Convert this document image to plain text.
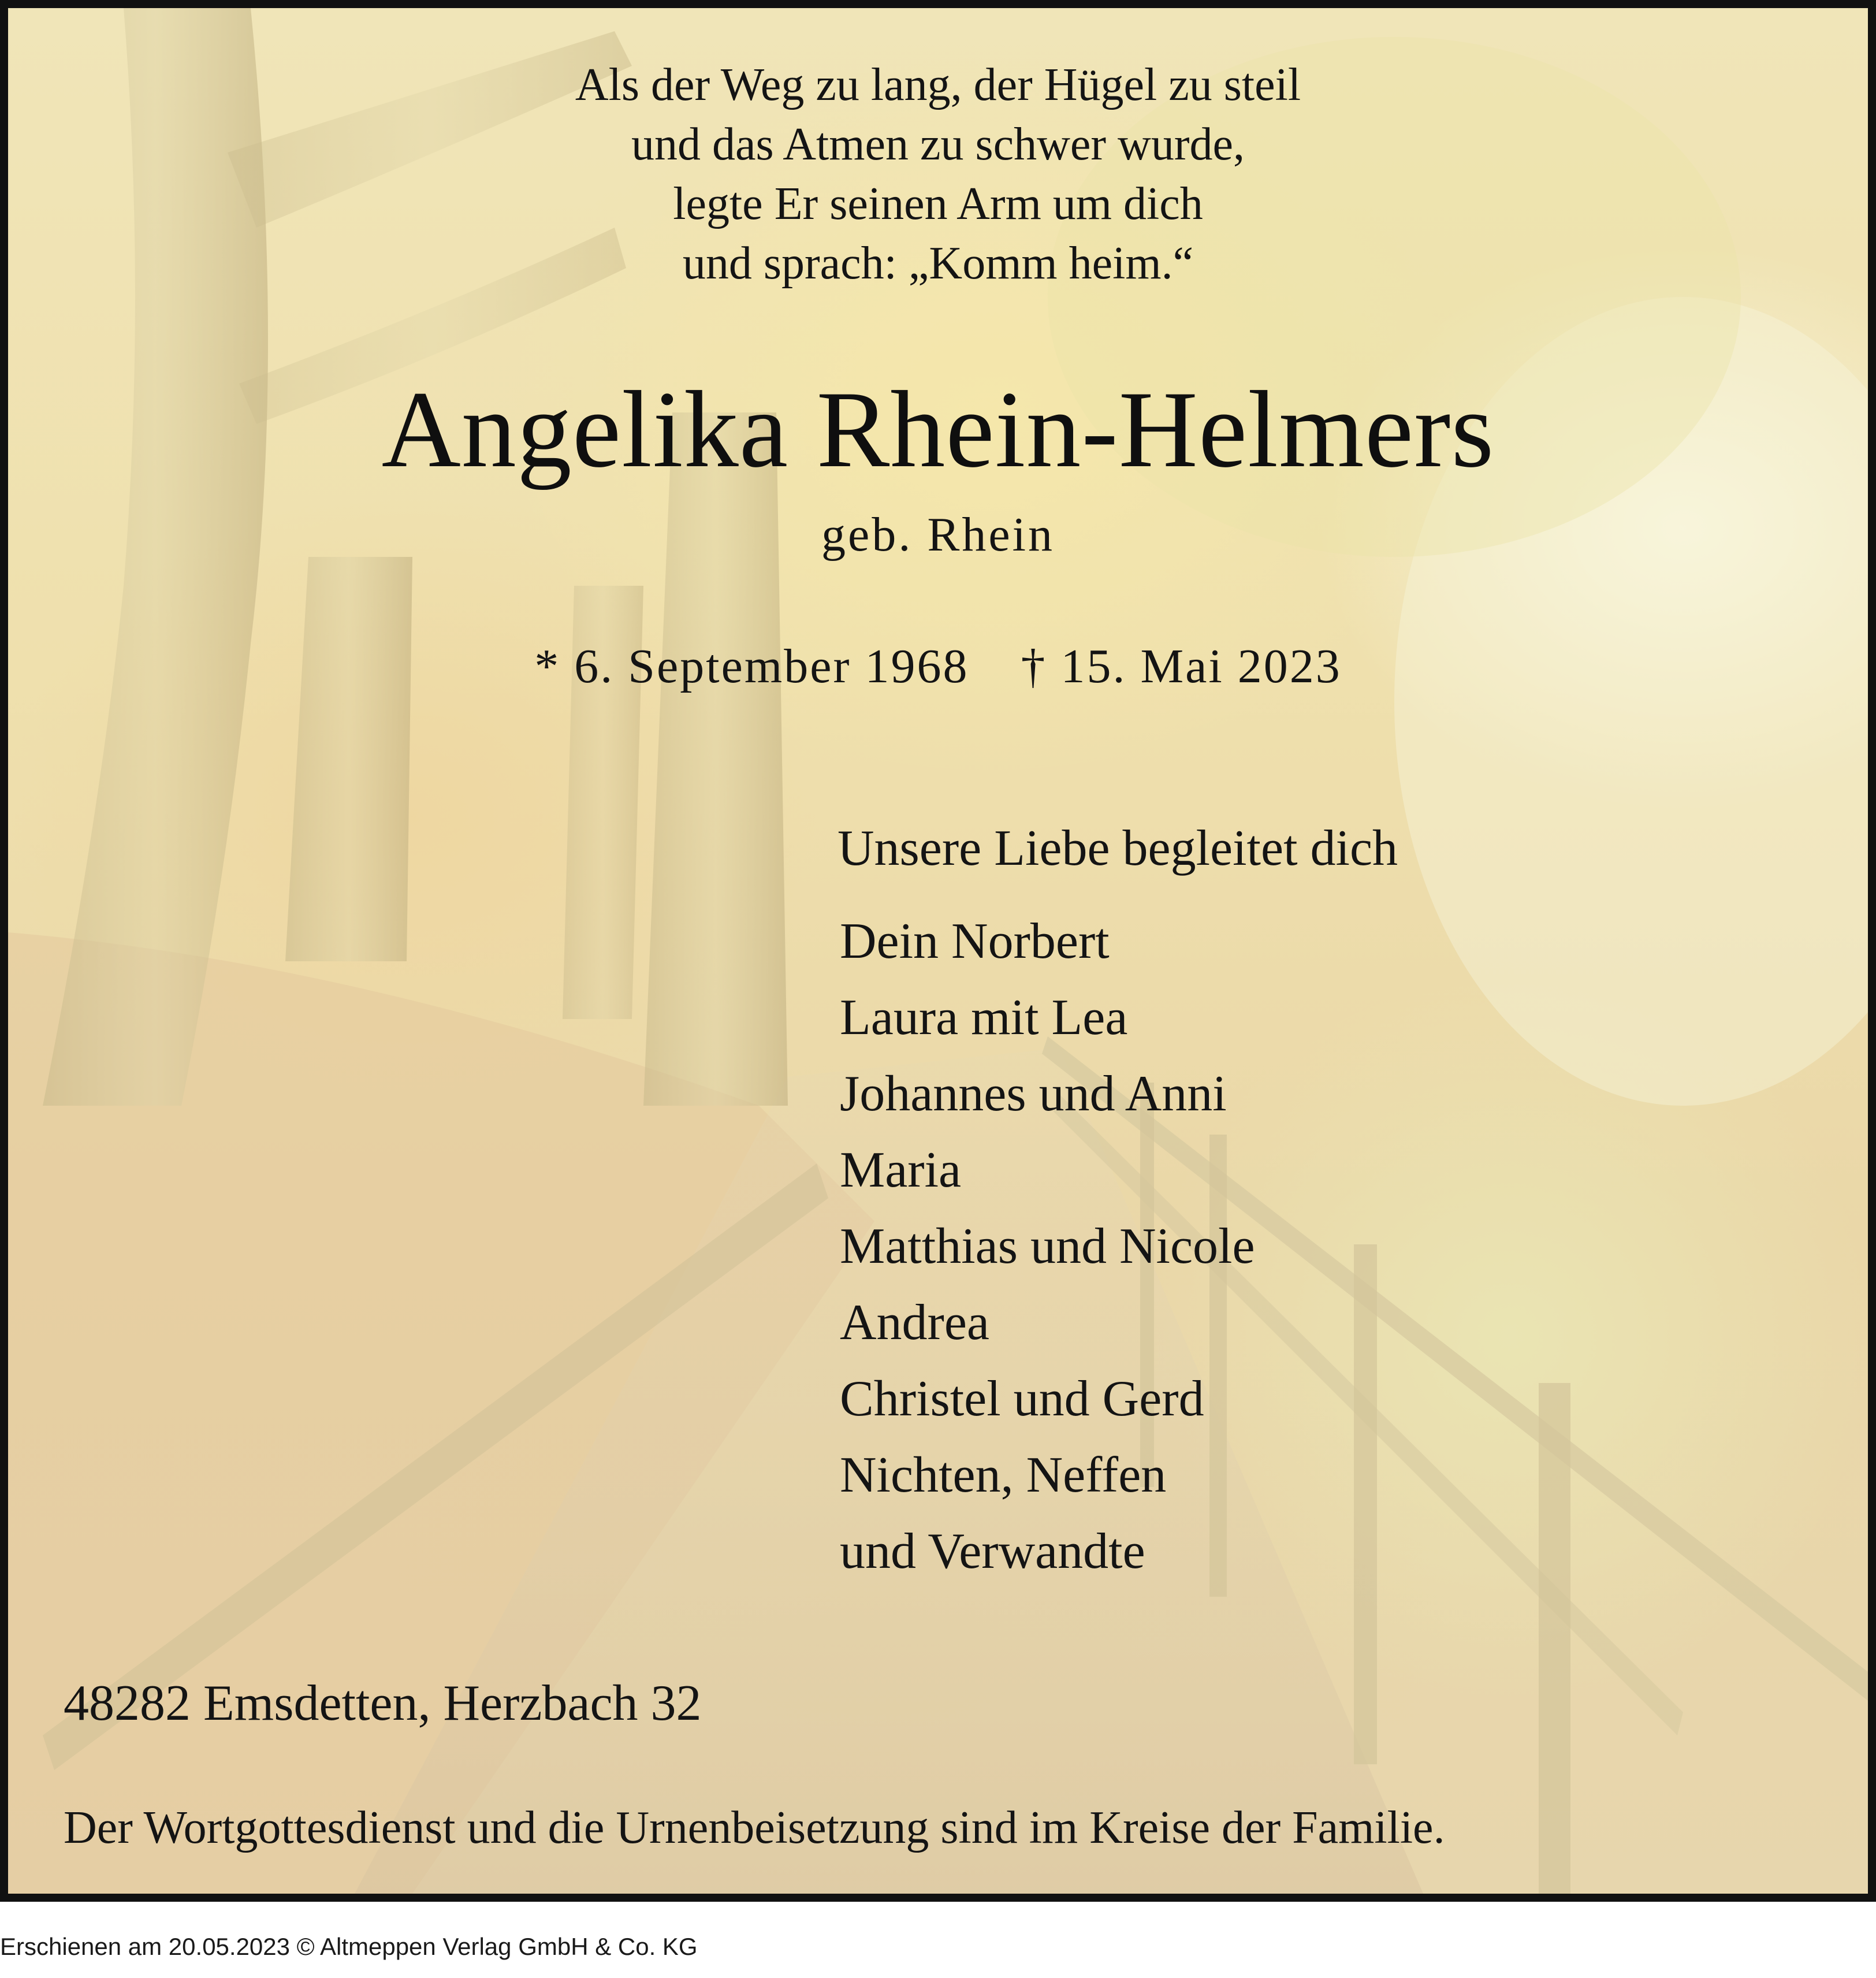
Als der Weg zu lang, der Hügel zu steil
und das Atmen zu schwer wurde,
legte Er seinen Arm um dich
und sprach: „Komm heim.“
Angelika Rhein-Helmers
geb. Rhein
* 6. September 1968 † 15. Mai 2023
Unsere Liebe begleitet dich
Dein Norbert
Laura mit Lea
Johannes und Anni
Maria
Matthias und Nicole
Andrea
Christel und Gerd
Nichten, Neffen
und Verwandte
48282 Emsdetten, Herzbach 32
Der Wortgottesdienst und die Urnenbeisetzung sind im Kreise der Familie.
Erschienen am 20.05.2023 © Altmeppen Verlag GmbH & Co. KG
